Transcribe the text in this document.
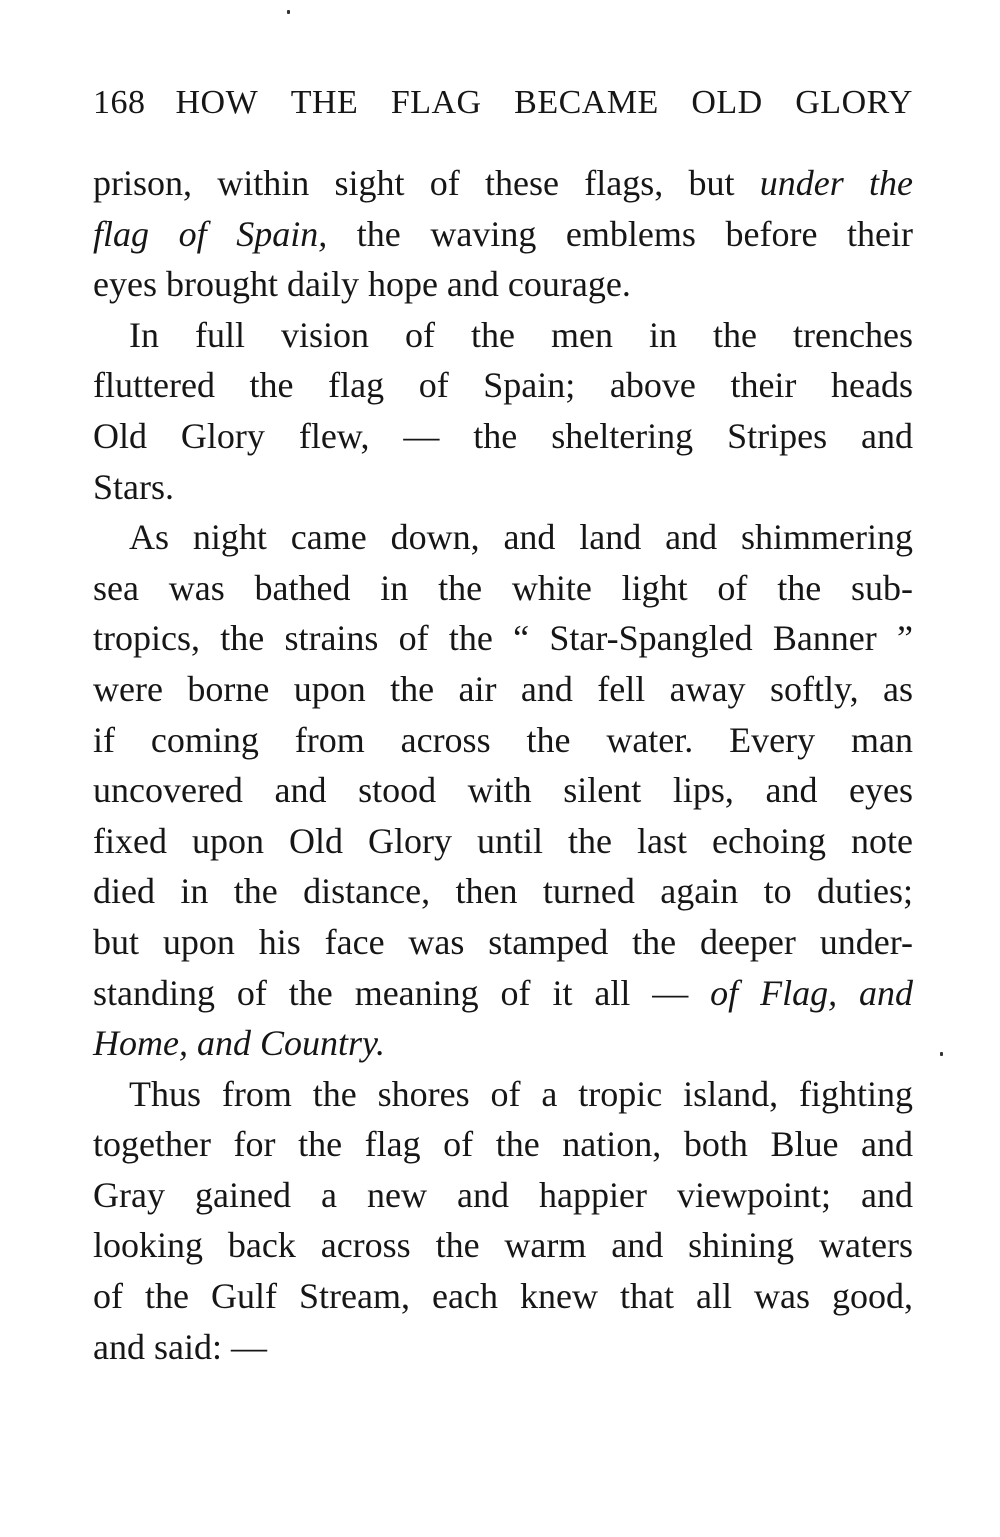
168 HOW THE FLAG BECAME OLD GLORY
prison, within sight of these flags, but under the
flag of Spain, the waving emblems before their
eyes brought daily hope and courage.
In full vision of the men in the trenches
fluttered the flag of Spain; above their heads
Old Glory flew, — the sheltering Stripes and
Stars.
As night came down, and land and shimmering
sea was bathed in the white light of the sub-
tropics, the strains of the “ Star-Spangled Banner ”
were borne upon the air and fell away softly, as
if coming from across the water. Every man
uncovered and stood with silent lips, and eyes
fixed upon Old Glory until the last echoing note
died in the distance, then turned again to duties;
but upon his face was stamped the deeper under-
standing of the meaning of it all — of Flag, and
Home, and Country.
Thus from the shores of a tropic island, fighting
together for the flag of the nation, both Blue and
Gray gained a new and happier viewpoint; and
looking back across the warm and shining waters
of the Gulf Stream, each knew that all was good,
and said: —
